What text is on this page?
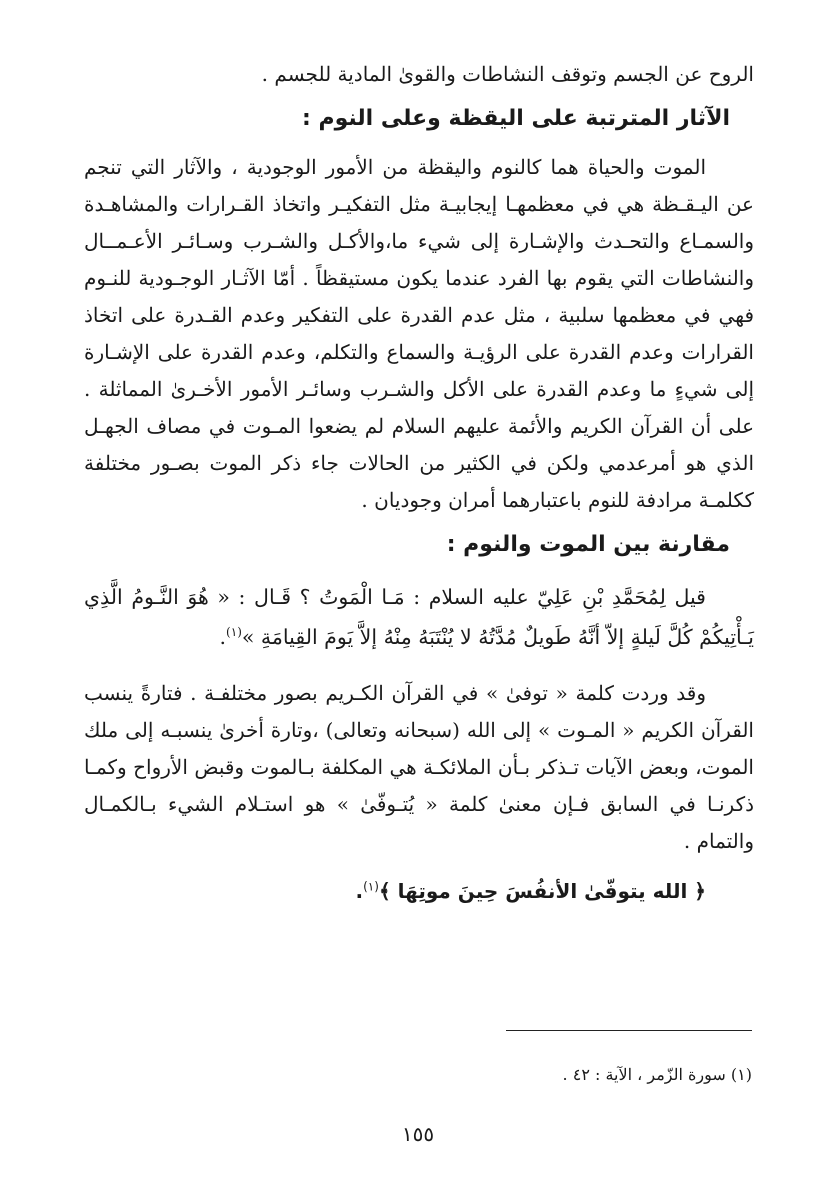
الروح عن الجسم وتوقف النشاطات والقوىٰ المادية للجسم .

الآثار المترتبة على اليقظة وعلى النوم :

الموت والحياة هما كالنوم واليقظة من الأمور الوجودية ، والآثار التي تنجم عن اليـقـظة هي في معظمهـا إيجابيـة مثل التفكيـر واتخاذ القـرارات والمشاهـدة والسمـاع والتحـدث والإشـارة إلى شيء ما،والأكـل والشـرب وسـائـر الأعـمــال والنشاطات التي يقوم بها الفرد عندما يكون مستيقظاً . أمّا الآثـار الوجـودية للنـوم فهي في معظمها سلبية ، مثل عدم القدرة على التفكير وعدم القـدرة على اتخاذ القرارات وعدم القدرة على الرؤيـة والسماع والتكلم، وعدم القدرة على الإشـارة إلى شيءٍ ما وعدم القدرة على الأكل والشـرب وسائـر الأمور الأخـرىٰ المماثلة . على أن القرآن الكريم والأئمة عليهم السلام لم يضعوا المـوت في مصاف الجهـل الذي هو أمرعدمي ولكن في الكثير من الحالات جاء ذكر الموت بصـور مختلفة ككلمـة مرادفة للنوم باعتبارهما أمران وجوديان .

مقارنة بين الموت والنوم :

قيل لِمُحَمَّدِ بْنِ عَلِيّ عليه السلام : مَـا الْمَوتُ ؟ قَـال : « هُوَ النَّـومُ الَّذِي يَـأْتِيكُمْ كُلَّ لَيلةٍ إلاّ أنَّهُ طَويلٌ مُدَّتُهُ لا يُنْتَبَهُ مِنْهُ إلاَّ يَومَ القِيامَةِ »$^{(١)}$.

وقد وردت كلمة « توفىٰ » في القرآن الكـريم بصور مختلفـة . فتارةً ينسب القرآن الكريم « المـوت » إلى الله (سبحانه وتعالى) ،وتارة أخرىٰ ينسبـه إلى ملك الموت، وبعض الآيات تـذكر بـأن الملائكـة هي المكلفة بـالموت وقبض الأرواح وكمـا ذكرنـا في السابق فـإن معنىٰ كلمة « يُتـوفّىٰ » هو استـلام الشيء بـالكمـال والتمام .

﴿ الله يتوفّىٰ الأنفُسَ حِينَ موتِهَا ﴾$^{(١)}$.

(١) سورة الزّمر ، الآية : ٤٢ .

١٥٥
